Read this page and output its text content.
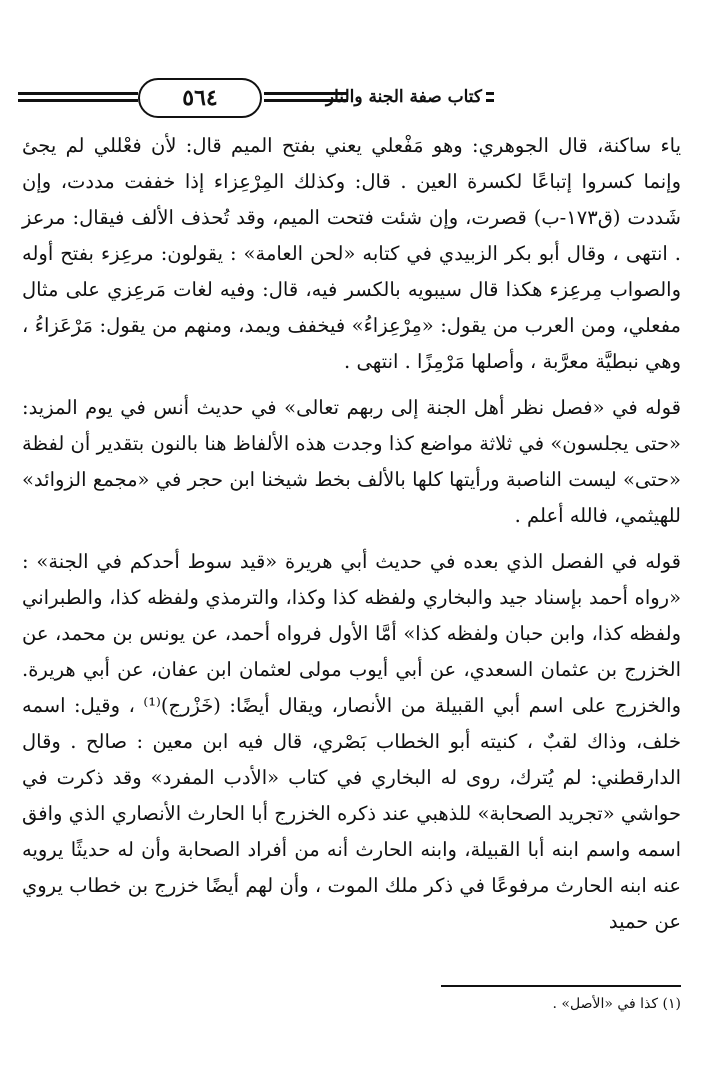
٥٦٤	كتاب صفة الجنة والنار

ياء ساكنة، قال الجوهري: وهو مَفْعلي يعني بفتح الميم قال: لأن فعْللي لم يجئ وإنما كسروا إتباعًا لكسرة العين . قال: وكذلك المِرْعِزاء إذا خففت مددت، وإن شَددت (ق١٧٣-ب) قصرت، وإن شئت فتحت الميم، وقد تُحذف الألف فيقال: مرعز . انتهى ، وقال أبو بكر الزبيدي في كتابه «لحن العامة» : يقولون: مرعِزء بفتح أوله والصواب مِرعِزء هكذا قال سيبويه بالكسر فيه، قال: وفيه لغات مَرعِزي على مثال مفعلي، ومن العرب من يقول: «مِرْعِزاءُ» فيخفف ويمد، ومنهم من يقول: مَرْعَزاءُ ، وهي نبطيَّة معرَّبة ، وأصلها مَرْمِزًا . انتهى .

قوله في «فصل نظر أهل الجنة إلى ربهم تعالى» في حديث أنس في يوم المزيد: «حتى يجلسون» في ثلاثة مواضع كذا وجدت هذه الألفاظ هنا بالنون بتقدير أن لفظة «حتى» ليست الناصبة ورأيتها كلها بالألف بخط شيخنا ابن حجر في «مجمع الزوائد» للهيثمي، فالله أعلم .

قوله في الفصل الذي بعده في حديث أبي هريرة «قيد سوط أحدكم في الجنة» : «رواه أحمد بإسناد جيد والبخاري ولفظه كذا وكذا، والترمذي ولفظه كذا، والطبراني ولفظه كذا، وابن حبان ولفظه كذا» أمَّا الأول فرواه أحمد، عن يونس بن محمد، عن الخزرج بن عثمان السعدي، عن أبي أيوب مولى لعثمان ابن عفان، عن أبي هريرة. والخزرج على اسم أبي القبيلة من الأنصار، ويقال أيضًا: (خَزْرج)⁽¹⁾ ، وقيل: اسمه خلف، وذاك لقبٌ ، كنيته أبو الخطاب بَصْري، قال فيه ابن معين : صالح . وقال الدارقطني: لم يُترك، روى له البخاري في كتاب «الأدب المفرد» وقد ذكرت في حواشي «تجريد الصحابة» للذهبي عند ذكره الخزرج أبا الحارث الأنصاري الذي وافق اسمه واسم ابنه أبا القبيلة، وابنه الحارث أنه من أفراد الصحابة وأن له حديثًا يرويه عنه ابنه الحارث مرفوعًا في ذكر ملك الموت ، وأن لهم أيضًا خزرج بن خطاب يروي عن حميد

(١) كذا في «الأصل» .
